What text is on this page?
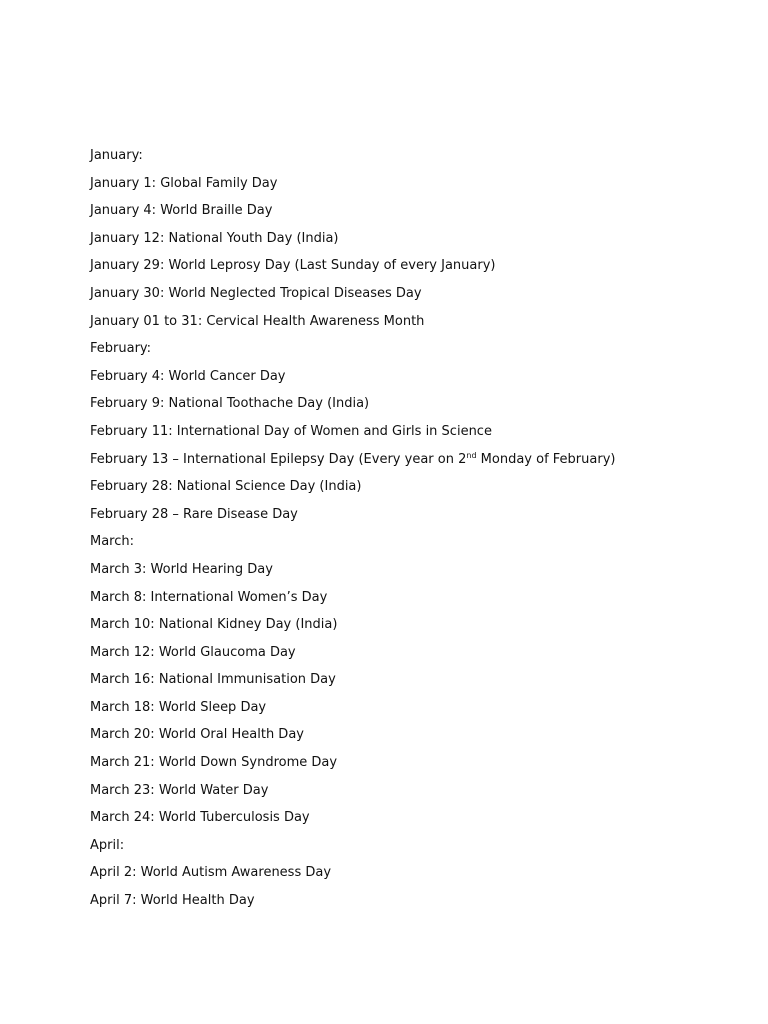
January:
January 1: Global Family Day
January 4: World Braille Day
January 12: National Youth Day (India)
January 29: World Leprosy Day (Last Sunday of every January)
January 30: World Neglected Tropical Diseases Day
January 01 to 31: Cervical Health Awareness Month
February:
February 4: World Cancer Day
February 9: National Toothache Day (India)
February 11: International Day of Women and Girls in Science
February 13 – International Epilepsy Day (Every year on 2nd Monday of February)
February 28: National Science Day (India)
February 28 – Rare Disease Day
March:
March 3: World Hearing Day
March 8: International Women’s Day
March 10: National Kidney Day (India)
March 12: World Glaucoma Day
March 16: National Immunisation Day
March 18: World Sleep Day
March 20: World Oral Health Day
March 21: World Down Syndrome Day
March 23: World Water Day
March 24: World Tuberculosis Day
April:
April 2: World Autism Awareness Day
April 7: World Health Day
